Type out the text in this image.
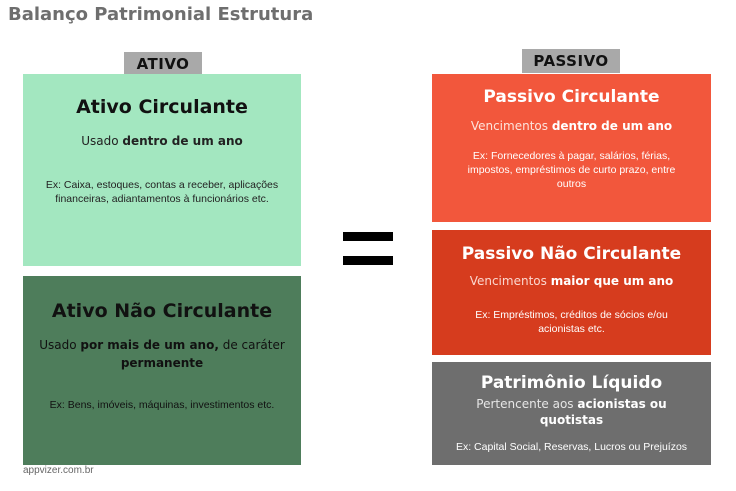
Balanço Patrimonial Estrutura
ATIVO	PASSIVO
Ativo Circulante

Usado dentro de um ano

Ex: Caixa, estoques, contas a receber, aplicações financeiras, adiantamentos à funcionários etc.

Ativo Não Circulante

Usado por mais de um ano, de caráter permanente

Ex: Bens, imóveis, máquinas, investimentos etc.

Passivo Circulante

Vencimentos dentro de um ano

Ex: Fornecedores à pagar, salários, férias, impostos, empréstimos de curto prazo, entre outros

Passivo Não Circulante

Vencimentos maior que um ano

Ex: Empréstimos, créditos de sócios e/ou acionistas etc.

Patrimônio Líquido

Pertencente aos acionistas ou quotistas

Ex: Capital Social, Reservas, Lucros ou Prejuízos

appvizer.com.br
